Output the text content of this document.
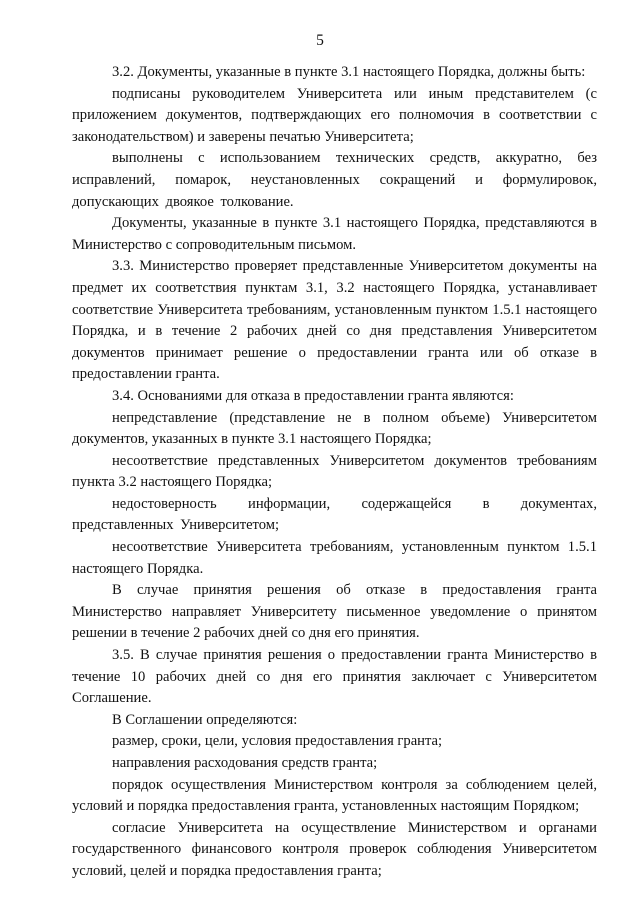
5

3.2. Документы, указанные в пункте 3.1 настоящего Порядка, должны быть:

подписаны руководителем Университета или иным представителем (с приложением документов, подтверждающих его полномочия в соответствии с законодательством) и заверены печатью Университета;

выполнены с использованием технических средств, аккуратно, без исправлений, помарок, неустановленных сокращений и формулировок, допускающих двоякое толкование.

Документы, указанные в пункте 3.1 настоящего Порядка, представляются в Министерство с сопроводительным письмом.

3.3. Министерство проверяет представленные Университетом документы на предмет их соответствия пунктам 3.1, 3.2 настоящего Порядка, устанавливает соответствие Университета требованиям, установленным пунктом 1.5.1 настоящего Порядка, и в течение 2 рабочих дней со дня представления Университетом документов принимает решение о предоставлении гранта или об отказе в предоставлении гранта.

3.4. Основаниями для отказа в предоставлении гранта являются:

непредставление (представление не в полном объеме) Университетом документов, указанных в пункте 3.1 настоящего Порядка;

несоответствие представленных Университетом документов требованиям пункта 3.2 настоящего Порядка;

недостоверность информации, содержащейся в документах, представленных Университетом;

несоответствие Университета требованиям, установленным пунктом 1.5.1 настоящего Порядка.

В случае принятия решения об отказе в предоставления гранта Министерство направляет Университету письменное уведомление о принятом решении в течение 2 рабочих дней со дня его принятия.

3.5. В случае принятия решения о предоставлении гранта Министерство в течение 10 рабочих дней со дня его принятия заключает с Университетом Соглашение.

В Соглашении определяются:

размер, сроки, цели, условия предоставления гранта;

направления расходования средств гранта;

порядок осуществления Министерством контроля за соблюдением целей, условий и порядка предоставления гранта, установленных настоящим Порядком;

согласие Университета на осуществление Министерством и органами государственного финансового контроля проверок соблюдения Университетом условий, целей и порядка предоставления гранта;
